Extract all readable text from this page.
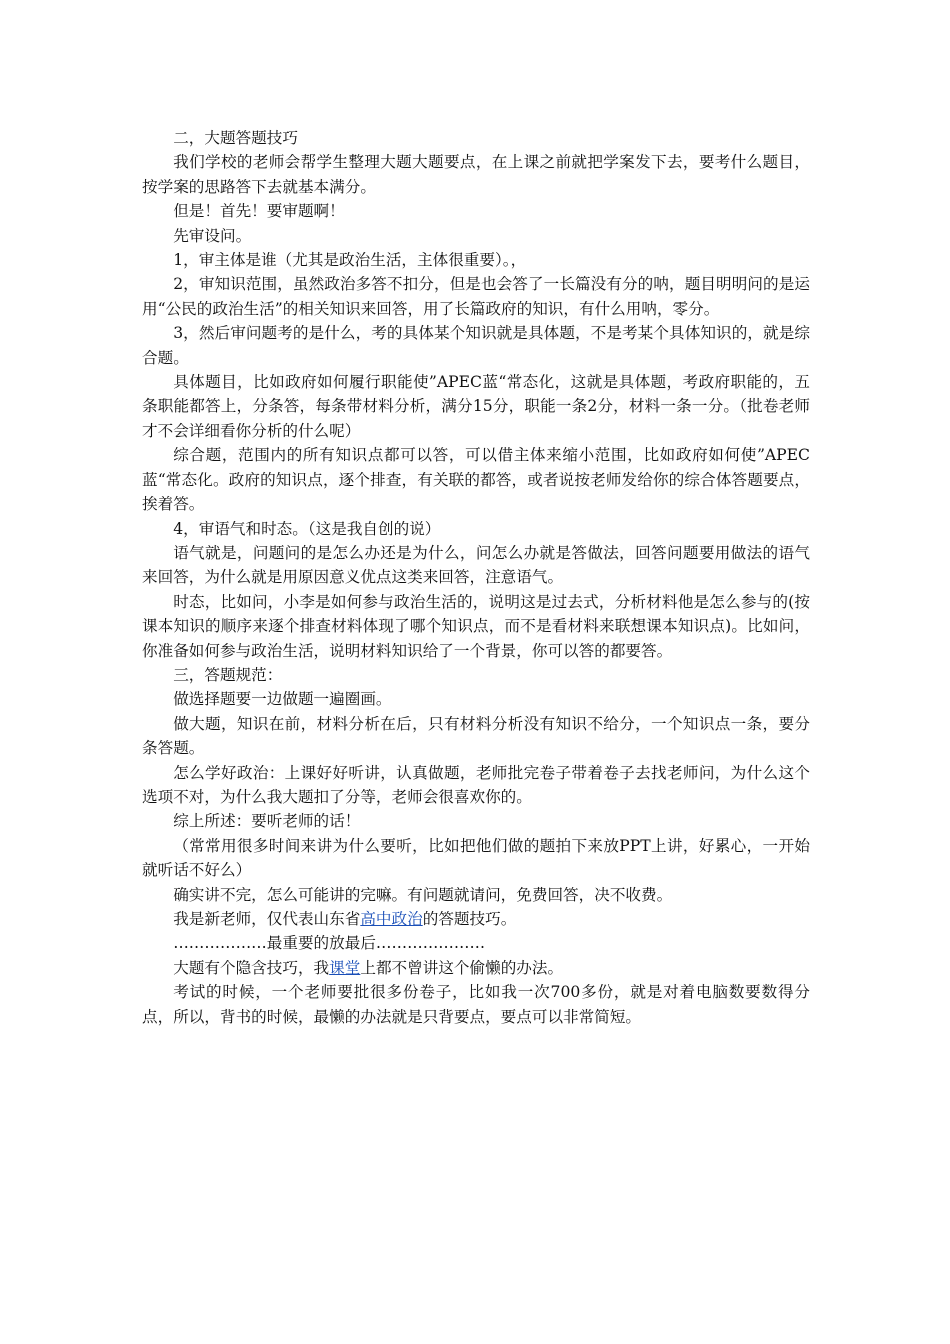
二，大题答题技巧

我们学校的老师会帮学生整理大题大题要点，在上课之前就把学案发下去，要考什么题目，按学案的思路答下去就基本满分。

但是！首先！要审题啊！

先审设问。

1，审主体是谁（尤其是政治生活，主体很重要）。，

2，审知识范围，虽然政治多答不扣分，但是也会答了一长篇没有分的呐，题目明明问的是运用“公民的政治生活”的相关知识来回答，用了长篇政府的知识，有什么用呐，零分。

3，然后审问题考的是什么，考的具体某个知识就是具体题，不是考某个具体知识的，就是综合题。

具体题目，比如政府如何履行职能使”APEC蓝“常态化，这就是具体题，考政府职能的，五条职能都答上，分条答，每条带材料分析，满分15分，职能一条2分，材料一条一分。（批卷老师才不会详细看你分析的什么呢）

综合题，范围内的所有知识点都可以答，可以借主体来缩小范围，比如政府如何使”APEC蓝“常态化。政府的知识点，逐个排查，有关联的都答，或者说按老师发给你的综合体答题要点，挨着答。

4，审语气和时态。（这是我自创的说）

语气就是，问题问的是怎么办还是为什么，问怎么办就是答做法，回答问题要用做法的语气来回答，为什么就是用原因意义优点这类来回答，注意语气。

时态，比如问，小李是如何参与政治生活的，说明这是过去式，分析材料他是怎么参与的(按课本知识的顺序来逐个排查材料体现了哪个知识点，而不是看材料来联想课本知识点)。比如问，你准备如何参与政治生活，说明材料知识给了一个背景，你可以答的都要答。

三，答题规范：

做选择题要一边做题一遍圈画。

做大题，知识在前，材料分析在后，只有材料分析没有知识不给分，一个知识点一条，要分条答题。

怎么学好政治：上课好好听讲，认真做题，老师批完卷子带着卷子去找老师问，为什么这个选项不对，为什么我大题扣了分等，老师会很喜欢你的。

综上所述：要听老师的话！

（常常用很多时间来讲为什么要听，比如把他们做的题拍下来放PPT上讲，好累心，一开始就听话不好么）

确实讲不完，怎么可能讲的完嘛。有问题就请问，免费回答，决不收费。

我是新老师，仅代表山东省高中政治的答题技巧。

………………最重要的放最后…………………

大题有个隐含技巧，我课堂上都不曾讲这个偷懒的办法。

考试的时候，一个老师要批很多份卷子，比如我一次700多份，就是对着电脑数要数得分点，所以，背书的时候，最懒的办法就是只背要点，要点可以非常简短。
